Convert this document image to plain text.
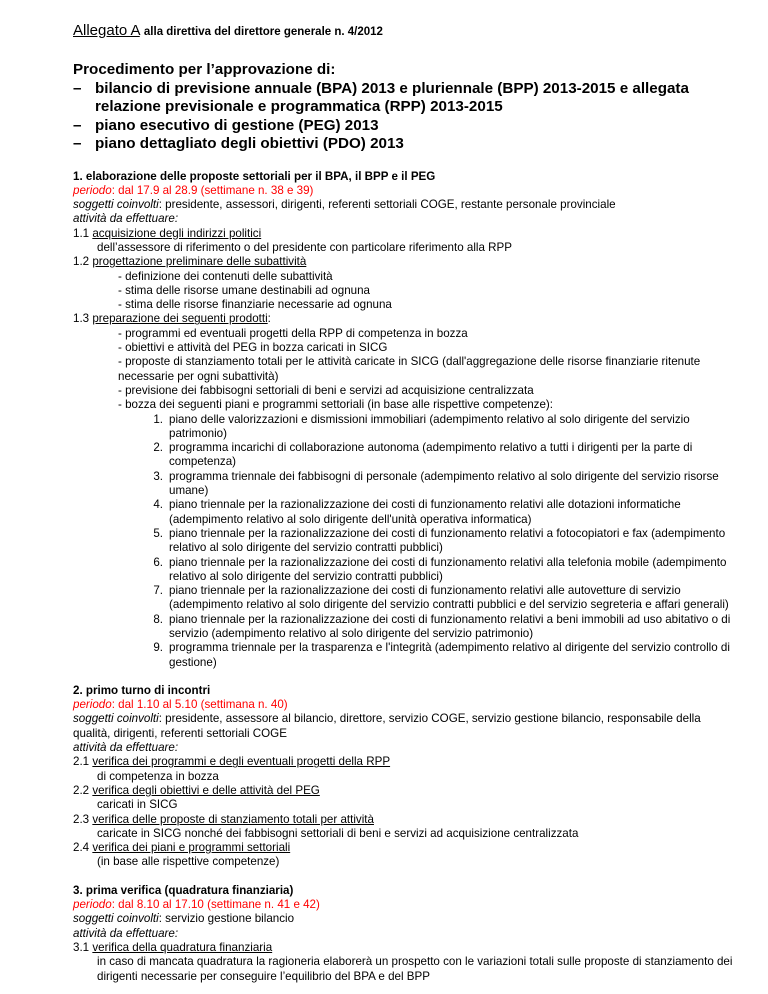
Allegato A alla direttiva del direttore generale n. 4/2012
Procedimento per l’approvazione di:
– bilancio di previsione annuale (BPA) 2013 e pluriennale (BPP) 2013-2015 e allegata relazione previsionale e programmatica (RPP) 2013-2015
– piano esecutivo di gestione (PEG) 2013
– piano dettagliato degli obiettivi (PDO) 2013
1. elaborazione delle proposte settoriali per il BPA, il BPP e il PEG
periodo: dal 17.9 al 28.9 (settimane n. 38 e 39)
soggetti coinvolti: presidente, assessori, dirigenti, referenti settoriali COGE, restante personale provinciale
attività da effettuare:
1.1 acquisizione degli indirizzi politici
dell’assessore di riferimento o del presidente con particolare riferimento alla RPP
1.2 progettazione preliminare delle subattività
- definizione dei contenuti delle subattività
- stima delle risorse umane destinabili ad ognuna
- stima delle risorse finanziarie necessarie ad ognuna
1.3 preparazione dei seguenti prodotti:
- programmi ed eventuali progetti della RPP di competenza in bozza
- obiettivi e attività del PEG in bozza caricati in SICG
- proposte di stanziamento totali per le attività caricate in SICG (dall'aggregazione delle risorse finanziarie ritenute necessarie per ogni subattività)
- previsione dei fabbisogni settoriali di beni e servizi ad acquisizione centralizzata
- bozza dei seguenti piani e programmi settoriali (in base alle rispettive competenze):
1. piano delle valorizzazioni e dismissioni immobiliari (adempimento relativo al solo dirigente del servizio patrimonio)
2. programma incarichi di collaborazione autonoma (adempimento relativo a tutti i dirigenti per la parte di competenza)
3. programma triennale dei fabbisogni di personale (adempimento relativo al solo dirigente del servizio risorse umane)
4. piano triennale per la razionalizzazione dei costi di funzionamento relativi alle dotazioni informatiche (adempimento relativo al solo dirigente dell'unità operativa informatica)
5. piano triennale per la razionalizzazione dei costi di funzionamento relativi a fotocopiatori e fax (adempimento relativo al solo dirigente del servizio contratti pubblici)
6. piano triennale per la razionalizzazione dei costi di funzionamento relativi alla telefonia mobile (adempimento relativo al solo dirigente del servizio contratti pubblici)
7. piano triennale per la razionalizzazione dei costi di funzionamento relativi alle autovetture di servizio (adempimento relativo al solo dirigente del servizio contratti pubblici e del servizio segreteria e affari generali)
8. piano triennale per la razionalizzazione dei costi di funzionamento relativi a beni immobili ad uso abitativo o di servizio (adempimento relativo al solo dirigente del servizio patrimonio)
9. programma triennale per la trasparenza e l'integrità (adempimento relativo al dirigente del servizio controllo di gestione)
2. primo turno di incontri
periodo: dal 1.10 al 5.10 (settimana n. 40)
soggetti coinvolti: presidente, assessore al bilancio, direttore, servizio COGE, servizio gestione bilancio, responsabile della qualità, dirigenti, referenti settoriali COGE
attività da effettuare:
2.1 verifica dei programmi e degli eventuali progetti della RPP
di competenza in bozza
2.2 verifica degli obiettivi e delle attività del PEG
caricati in SICG
2.3 verifica delle proposte di stanziamento totali per attività
caricate in SICG nonché dei fabbisogni settoriali di beni e servizi ad acquisizione centralizzata
2.4 verifica dei piani e programmi settoriali
(in base alle rispettive competenze)
3. prima verifica (quadratura finanziaria)
periodo: dal 8.10 al 17.10 (settimane n. 41 e 42)
soggetti coinvolti: servizio gestione bilancio
attività da effettuare:
3.1 verifica della quadratura finanziaria
in caso di mancata quadratura la ragioneria elaborerà un prospetto con le variazioni totali sulle proposte di stanziamento dei dirigenti necessarie per conseguire l’equilibrio del BPA e del BPP
